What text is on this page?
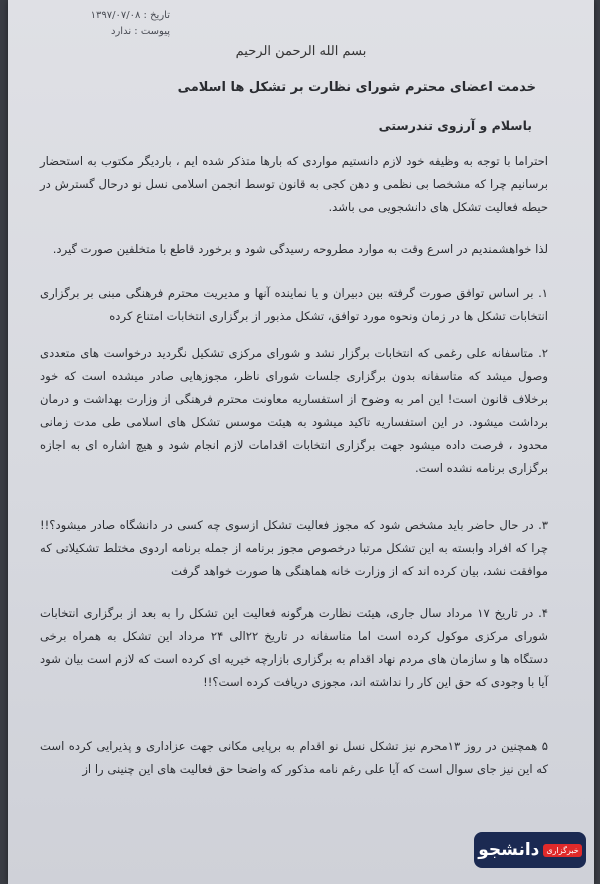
تاریخ : ۱۳۹۷/۰۷/۰۸
پیوست : ندارد
بسم الله الرحمن الرحیم
خدمت اعضای محترم شورای نظارت بر تشکل ها اسلامی
باسلام و آرزوی تندرستی

احتراما با توجه به وظیفه خود لازم دانستیم مواردی که بارها متذکر شده ایم ، باردیگر مکتوب به استحضار برسانیم چرا که مشخصا بی نظمی و دهن کجی به قانون توسط انجمن اسلامی نسل نو درحال گسترش در حیطه فعالیت تشکل های دانشجویی می باشد.

لذا خواهشمندیم در اسرع وقت به موارد مطروحه رسیدگی شود و برخورد قاطع با متخلفین صورت گیرد.

۱. بر اساس توافق صورت گرفته بین دبیران و یا نماینده آنها و مدیریت محترم فرهنگی مبنی بر برگزاری انتخابات تشکل ها در زمان ونحوه مورد توافق، تشکل مذبور از برگزاری انتخابات امتناع کرده

۲. متاسفانه علی رغمی که انتخابات برگزار نشد و شورای مرکزی تشکیل نگردید درخواست های متعددی وصول میشد که متاسفانه بدون برگزاری جلسات شورای ناظر، مجوزهایی صادر میشده است که خود برخلاف قانون است! این امر به وضوح از استفساریه معاونت محترم فرهنگی از وزارت بهداشت و درمان برداشت میشود. در این استفساریه تاکید میشود به هیئت موسس تشکل های اسلامی طی مدت زمانی محدود ، فرصت داده میشود جهت برگزاری انتخابات اقدامات لازم انجام شود و هیچ اشاره ای به اجازه برگزاری برنامه نشده است.

۳. در حال حاضر باید مشخص شود که مجوز فعالیت تشکل ازسوی چه کسی در دانشگاه صادر میشود؟!! چرا که افراد وابسته به این تشکل مرتبا درخصوص مجوز برنامه از جمله برنامه اردوی مختلط تشکیلاتی که موافقت نشد، بیان کرده اند که از وزارت خانه هماهنگی ها صورت خواهد گرفت

۴. در تاریخ ۱۷ مرداد سال جاری، هیئت نظارت هرگونه فعالیت این تشکل را به بعد از برگزاری انتخابات شورای مرکزی موکول کرده است اما متاسفانه در تاریخ ۲۲الی ۲۴ مرداد این تشکل به همراه برخی دستگاه ها و سازمان های مردم نهاد اقدام به برگزاری بازارچه خیریه ای کرده است که لازم است بیان شود آیا با وجودی که حق این کار را نداشته اند، مجوزی دریافت کرده است؟!!

۵ همچنین در روز ۱۳محرم نیز تشکل نسل نو اقدام به برپایی مکانی جهت عزاداری و پذیرایی کرده است که این نیز جای سوال است که آیا علی رغم نامه مذکور که واضحا حق فعالیت های این چنینی را از

خبرگزاری
دانشجو
